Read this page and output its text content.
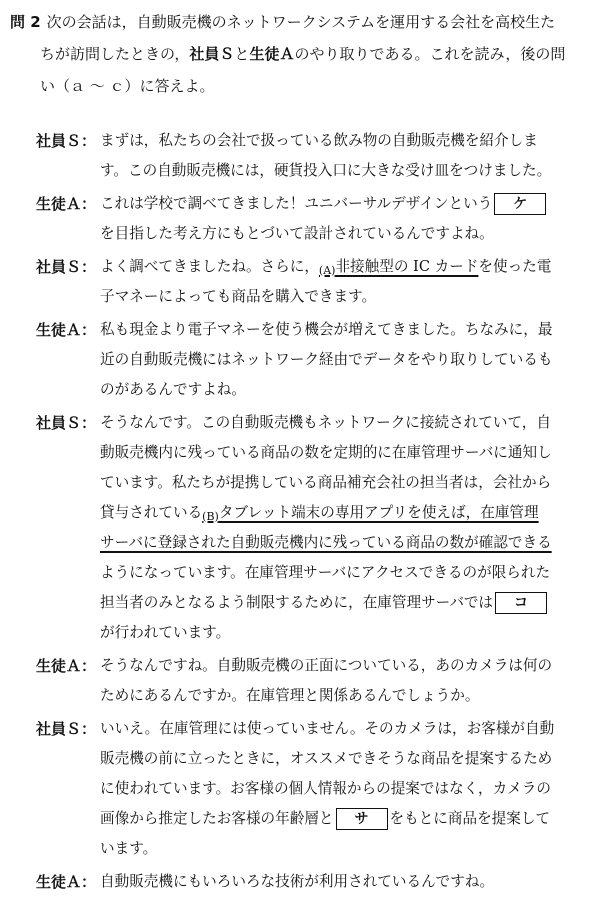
問 2 次の会話は，自動販売機のネットワークシステムを運用する会社を高校生た
ちが訪問したときの，社員Ｓと生徒Ａのやり取りである。これを読み，後の問
い（ａ ～ ｃ）に答えよ。
社員Ｓ： まずは，私たちの会社で扱っている飲み物の自動販売機を紹介しま
す。この自動販売機には，硬貨投入口に大きな受け皿をつけました。
生徒Ａ： これは学校で調べてきました！ユニバーサルデザインという ケ
を目指した考え方にもとづいて設計されているんですよね。
社員Ｓ： よく調べてきましたね。さらに，$_{(A)}$非接触型の IC カードを使った電
子マネーによっても商品を購入できます。
生徒Ａ： 私も現金より電子マネーを使う機会が増えてきました。ちなみに，最
近の自動販売機にはネットワーク経由でデータをやり取りしているも
のがあるんですよね。
社員Ｓ： そうなんです。この自動販売機もネットワークに接続されていて，自
動販売機内に残っている商品の数を定期的に在庫管理サーバに通知し
ています。私たちが提携している商品補充会社の担当者は，会社から
貸与されている$_{(B)}$タブレット端末の専用アプリを使えば，在庫管理
サーバに登録された自動販売機内に残っている商品の数が確認できる
ようになっています。在庫管理サーバにアクセスできるのが限られた
担当者のみとなるよう制限するために，在庫管理サーバでは コ
が行われています。
生徒Ａ： そうなんですね。自動販売機の正面についている，あのカメラは何の
ためにあるんですか。在庫管理と関係あるんでしょうか。
社員Ｓ： いいえ。在庫管理には使っていません。そのカメラは，お客様が自動
販売機の前に立ったときに，オススメできそうな商品を提案するため
に使われています。お客様の個人情報からの提案ではなく，カメラの
画像から推定したお客様の年齢層と サ をもとに商品を提案して
います。
生徒Ａ： 自動販売機にもいろいろな技術が利用されているんですね。
